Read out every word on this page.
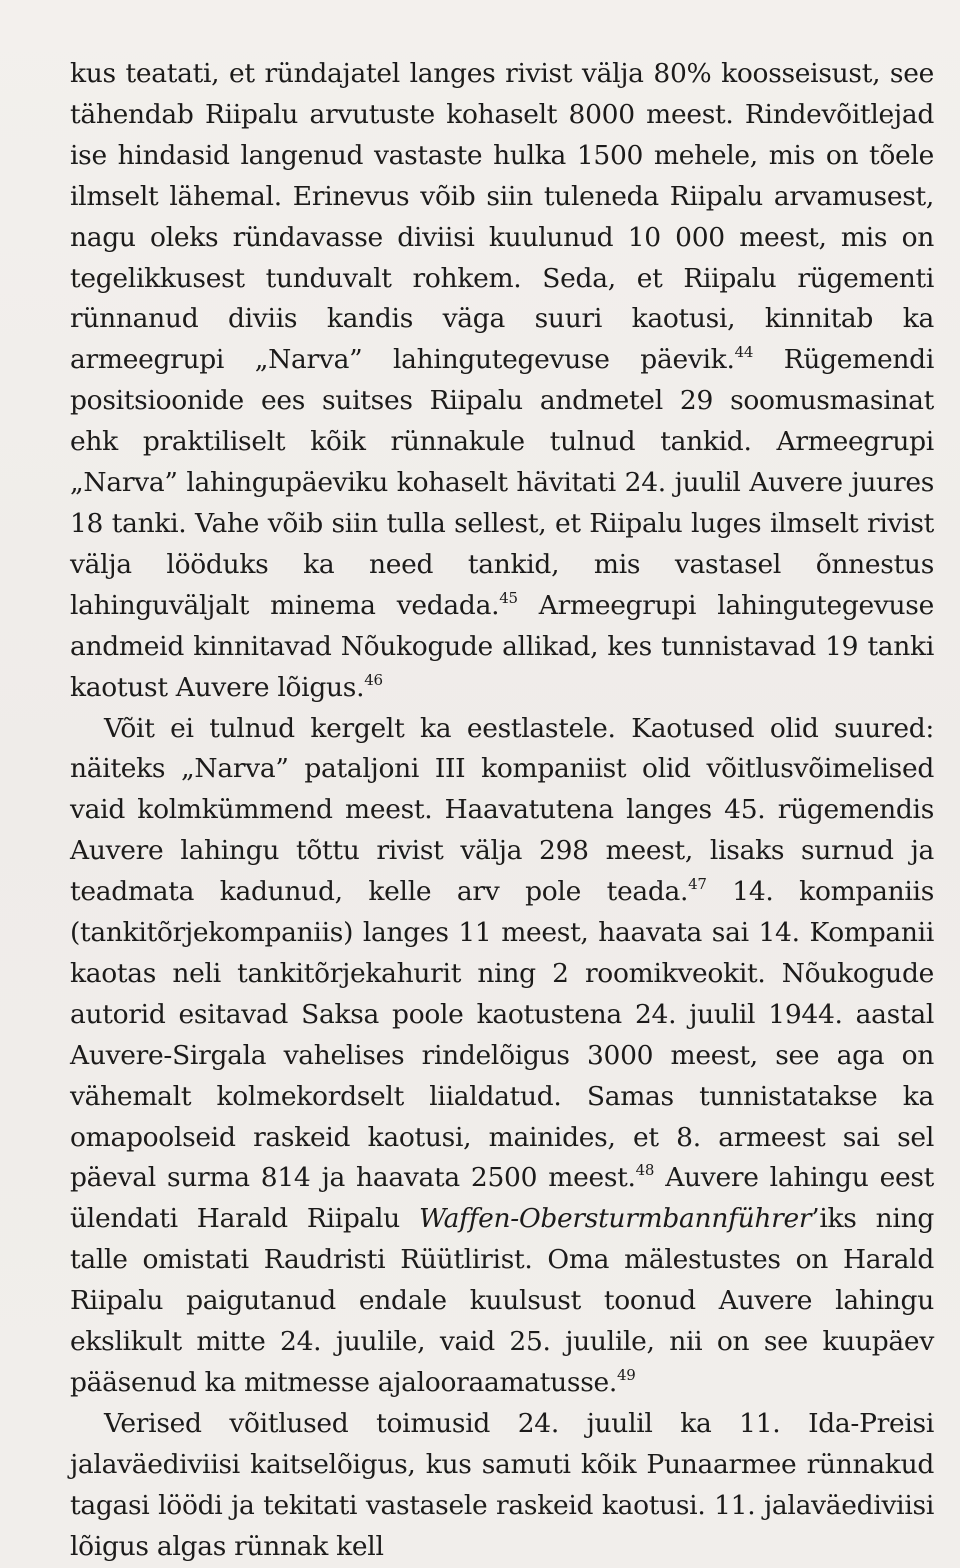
kus teatati, et ründajatel langes rivist välja 80% koosseisust, see tähendab Riipalu arvutuste kohaselt 8000 meest. Rindevõitlejad ise hindasid langenud vastaste hulka 1500 mehele, mis on tõele ilmselt lähemal. Erinevus võib siin tuleneda Riipalu arvamusest, nagu oleks ründavasse diviisi kuulunud 10 000 meest, mis on tegelikkusest tunduvalt rohkem. Seda, et Riipalu rügementi rünnanud diviis kandis väga suuri kaotusi, kinnitab ka armeegrupi „Narva” lahingutegevuse päevik.$^{44}$ Rügemendi positsioonide ees suitses Riipalu andmetel 29 soomusmasinat ehk praktiliselt kõik rünnakule tulnud tankid. Armeegrupi „Narva” lahingupäeviku kohaselt hävitati 24. juulil Auvere juures 18 tanki. Vahe võib siin tulla sellest, et Riipalu luges ilmselt rivist välja lööduks ka need tankid, mis vastasel õnnestus lahinguväljalt minema vedada.$^{45}$ Armeegrupi lahingutegevuse andmeid kinnitavad Nõukogude allikad, kes tunnistavad 19 tanki kaotust Auvere lõigus.$^{46}$

Võit ei tulnud kergelt ka eestlastele. Kaotused olid suured: näiteks „Narva” pataljoni III kompaniist olid võitlusvõimelised vaid kolmkümmend meest. Haavatutena langes 45. rügemendis Auvere lahingu tõttu rivist välja 298 meest, lisaks surnud ja teadmata kadunud, kelle arv pole teada.$^{47}$ 14. kompaniis (tankitõrjekompaniis) langes 11 meest, haavata sai 14. Kompanii kaotas neli tankitõrjekahurit ning 2 roomikveokit. Nõukogude autorid esitavad Saksa poole kaotustena 24. juulil 1944. aastal Auvere-Sirgala vahelises rindelõigus 3000 meest, see aga on vähemalt kolmekordselt liialdatud. Samas tunnistatakse ka omapoolseid raskeid kaotusi, mainides, et 8. armeest sai sel päeval surma 814 ja haavata 2500 meest.$^{48}$ Auvere lahingu eest ülendati Harald Riipalu Waffen-Obersturmbannführer’iks ning talle omistati Raudristi Rüütlirist. Oma mälestustes on Harald Riipalu paigutanud endale kuulsust toonud Auvere lahingu ekslikult mitte 24. juulile, vaid 25. juulile, nii on see kuupäev pääsenud ka mitmesse ajalooraamatusse.$^{49}$

Verised võitlused toimusid 24. juulil ka 11. Ida-Preisi jalaväediviisi kaitselõigus, kus samuti kõik Punaarmee rünnakud tagasi löödi ja tekitati vastasele raskeid kaotusi. 11. jalaväediviisi lõigus algas rünnak kell
